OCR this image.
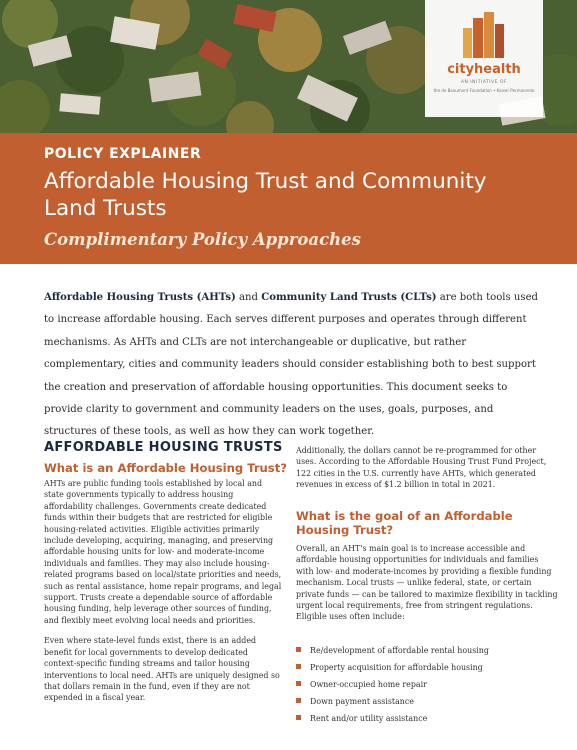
cityhealth
AN INITIATIVE OF
the de Beaumont Foundation • Kaiser Permanente
POLICY EXPLAINER
Affordable Housing Trust and Community Land Trusts
Complimentary Policy Approaches
Affordable Housing Trusts (AHTs) and Community Land Trusts (CLTs) are both tools used to increase affordable housing. Each serves different purposes and operates through different mechanisms. As AHTs and CLTs are not interchangeable or duplicative, but rather complementary, cities and community leaders should consider establishing both to best support the creation and preservation of affordable housing opportunities. This document seeks to provide clarity to government and community leaders on the uses, goals, purposes, and structures of these tools, as well as how they can work together.
AFFORDABLE HOUSING TRUSTS
What is an Affordable Housing Trust?

AHTs are public funding tools established by local and state governments typically to address housing affordability challenges. Governments create dedicated funds within their budgets that are restricted for eligible housing-related activities. Eligible activities primarily include developing, acquiring, managing, and preserving affordable housing units for low- and moderate-income individuals and families. They may also include housing-related programs based on local/state priorities and needs, such as rental assistance, home repair programs, and legal support. Trusts create a dependable source of affordable housing funding, help leverage other sources of funding, and flexibly meet evolving local needs and priorities.

Even where state-level funds exist, there is an added benefit for local governments to develop dedicated context-specific funding streams and tailor housing interventions to local need. AHTs are uniquely designed so that dollars remain in the fund, even if they are not expended in a fiscal year.

Additionally, the dollars cannot be re-programmed for other uses. According to the Affordable Housing Trust Fund Project, 122 cities in the U.S. currently have AHTs, which generated revenues in excess of $1.2 billion in total in 2021.

What is the goal of an Affordable Housing Trust?

Overall, an AHT's main goal is to increase accessible and affordable housing opportunities for individuals and families with low- and moderate-incomes by providing a flexible funding mechanism. Local trusts — unlike federal, state, or certain private funds — can be tailored to maximize flexibility in tackling urgent local requirements, free from stringent regulations. Eligible uses often include:

Re/development of affordable rental housing
Property acquisition for affordable housing
Owner-occupied home repair
Down payment assistance
Rent and/or utility assistance
